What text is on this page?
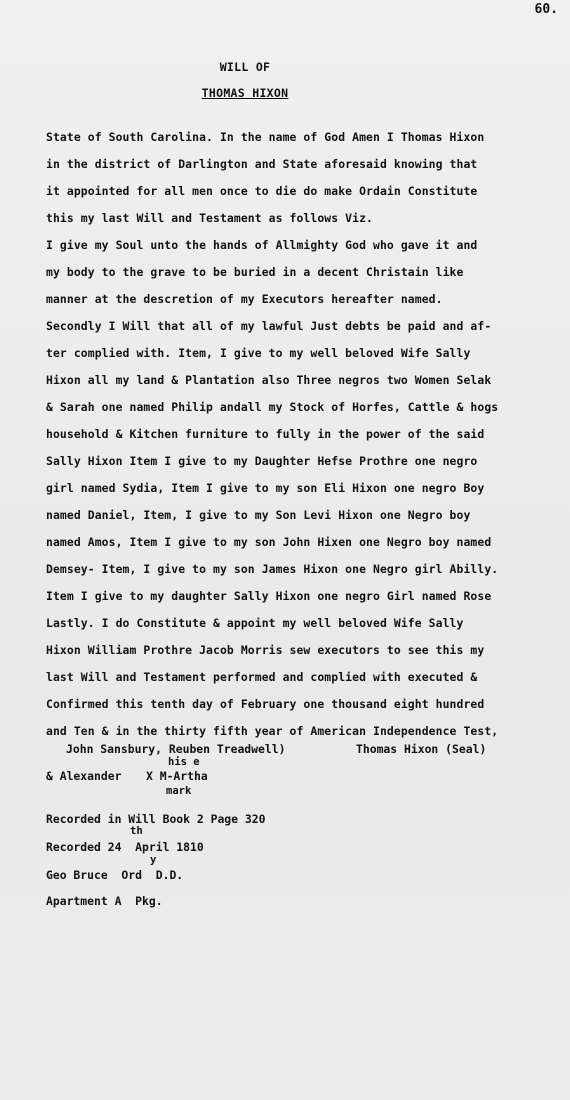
60.
WILL OF
THOMAS HIXON
State of South Carolina. In the name of God Amen I Thomas Hixon
in the district of Darlington and State aforesaid knowing that
it appointed for all men once to die do make Ordain Constitute
this my last Will and Testament as follows Viz.
I give my Soul unto the hands of Allmighty God who gave it and
my body to the grave to be buried in a decent Christain like
manner at the descretion of my Executors hereafter named.
Secondly I Will that all of my lawful Just debts be paid and af-
ter complied with. Item, I give to my well beloved Wife Sally
Hixon all my land & Plantation also Three negros two Women Selak
& Sarah one named Philip andall my Stock of Horfes, Cattle & hogs
household & Kitchen furniture to fully in the power of the said
Sally Hixon Item I give to my Daughter Hefse Prothre one negro
girl named Sydia, Item I give to my son Eli Hixon one negro Boy
named Daniel, Item, I give to my Son Levi Hixon one Negro boy
named Amos, Item I give to my son John Hixen one Negro boy named
Demsey- Item, I give to my son James Hixon one Negro girl Abilly.
Item I give to my daughter Sally Hixon one negro Girl named Rose
Lastly. I do Constitute & appoint my well beloved Wife Sally
Hixon William Prothre Jacob Morris sew executors to see this my
last Will and Testament performed and complied with executed &
Confirmed this tenth day of February one thousand eight hundred
and Ten & in the thirty fifth year of American Independence Test,
John Sansbury, Reuben Treadwell)	Thomas Hixon (Seal)
his e
& Alexander X M-Artha
mark
Recorded in Will Book 2 Page 320
th
Recorded 24  April 1810
y
Geo Bruce  Ord  D.D.
Apartment A  Pkg.
